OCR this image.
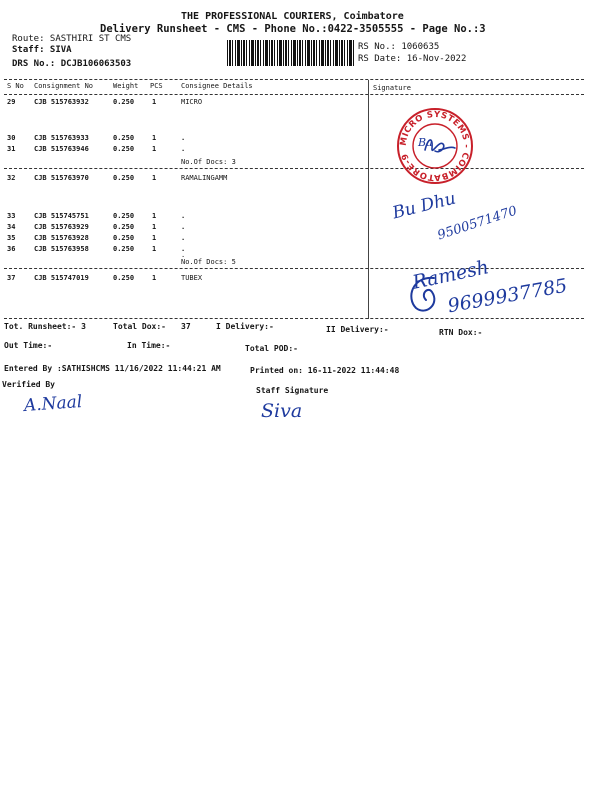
THE PROFESSIONAL COURIERS, Coimbatore
Delivery Runsheet - CMS - Phone No.:0422-3505555 - Page No.:3
Route: SASTHIRI ST CMS
Staff: SIVA
DRS No.: DCJB106063503
RS No.: 1060635
RS Date: 16-Nov-2022
S No Consignment No	Weight PCS	Consignee Details	Signature
29	CJB 515763932	0.250	1	MICRO
30	CJB 515763933	0.250	1	.
31	CJB 515763946	0.250	1	.
No.Of Docs: 3
32	CJB 515763970	0.250	1	RAMALINGAMM
33	CJB 515745751	0.250	1	.
34	CJB 515763929	0.250	1	.
35	CJB 515763928	0.250	1	.
36	CJB 515763958	0.250	1	.
.
No.Of Docs: 5
37	CJB 515747019	0.250	1	TUBEX
Tot. Runsheet:- 3	Total Dox:- 37	I Delivery:-	II Delivery:-	RTN Dox:-
Out Time:-	In Time:-	Total POD:-
Entered By :SATHISHCMS 11/16/2022 11:44:21 AM	Printed on: 16-11-2022 11:44:48
Verified By
Staff Signature
MICRO SYSTEMS - COIMBATORE-9
Ba
Bu Dhu
9500571470
Ramesh
9699937785
A.Naal	Siva
